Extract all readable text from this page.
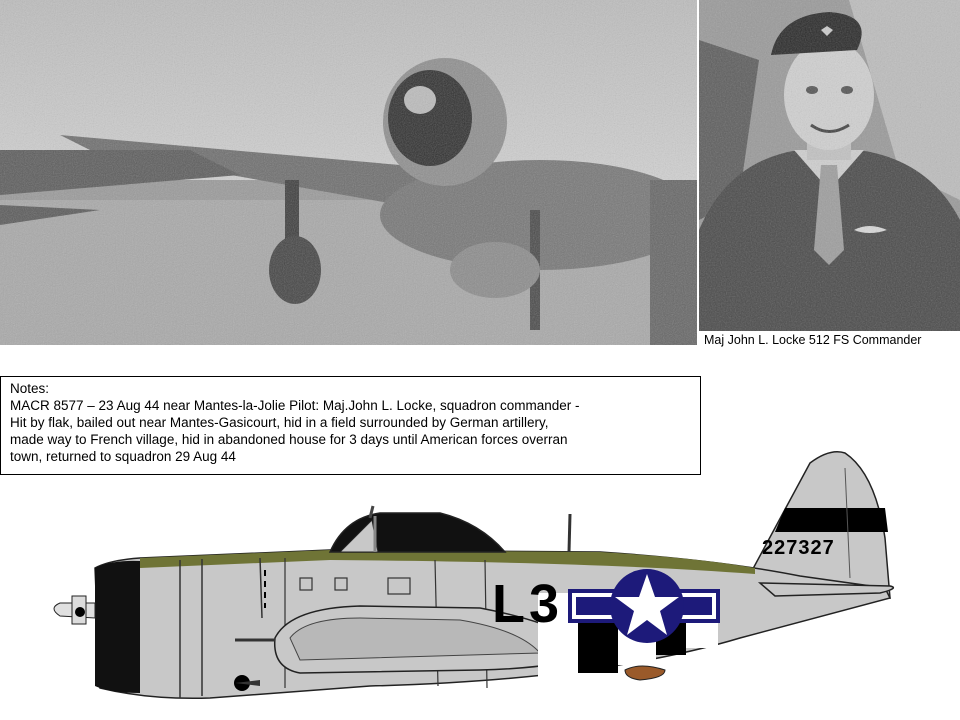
Maj John L. Locke 512 FS Commander
Notes:
MACR 8577 – 23 Aug 44 near Mantes-la-Jolie Pilot: Maj.John L. Locke, squadron commander -
Hit by flak, bailed out near Mantes-Gasicourt, hid in a field surrounded by German artillery,
made way to French village, hid in abandoned house for 3 days until American forces overran
town, returned to squadron 29 Aug 44
227327
L3
